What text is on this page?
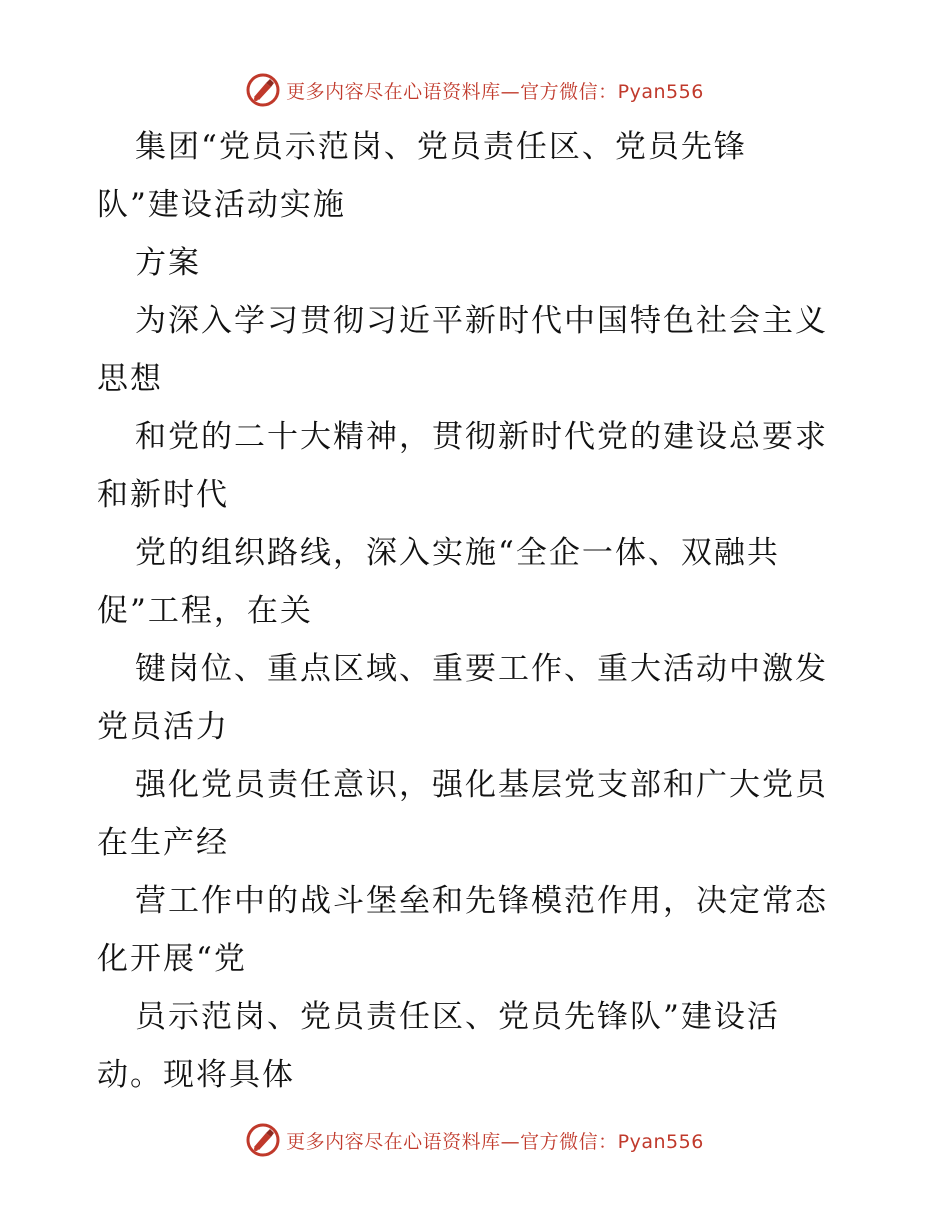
更多内容尽在心语资料库—官方微信：Pyan556
集团“党员示范岗、党员责任区、党员先锋
队”建设活动实施
方案
为深入学习贯彻习近平新时代中国特色社会主义
思想
和党的二十大精神，贯彻新时代党的建设总要求
和新时代
党的组织路线，深入实施“全企一体、双融共
促”工程，在关
键岗位、重点区域、重要工作、重大活动中激发
党员活力
强化党员责任意识，强化基层党支部和广大党员
在生产经
营工作中的战斗堡垒和先锋模范作用，决定常态
化开展“党
员示范岗、党员责任区、党员先锋队”建设活
动。现将具体
更多内容尽在心语资料库—官方微信：Pyan556
